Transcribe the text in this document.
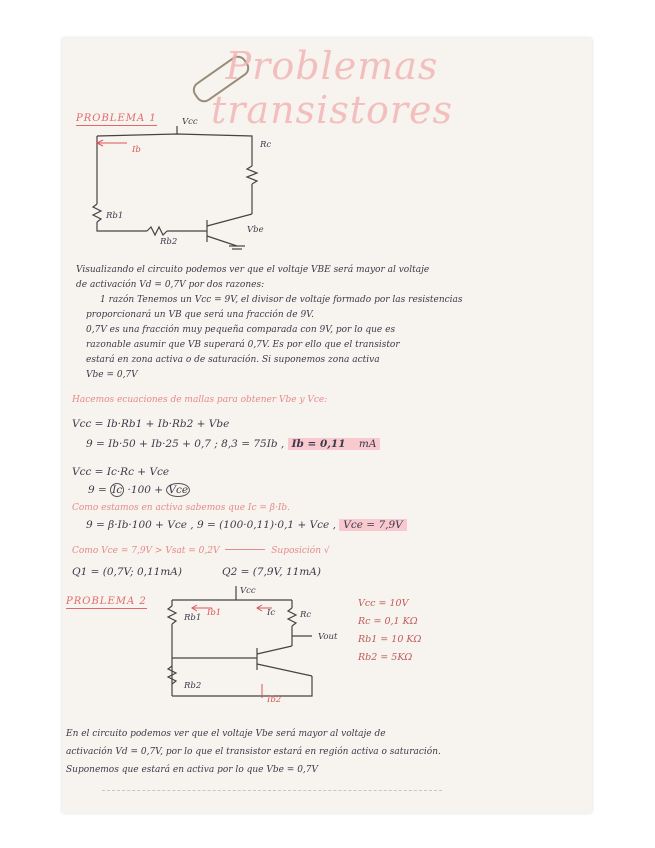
Problemas transistores
PROBLEMA 1	Vcc
Rc
Ib
Rb1
Rb2
Vbe
Visualizando el circuito podemos ver que el voltaje VBE será mayor al voltaje
de activación Vd = 0,7V por dos razones:
1 razón Tenemos un Vcc = 9V, el divisor de voltaje formado por las resistencias
proporcionará un VB que será una fracción de 9V.
0,7V es una fracción muy pequeña comparada con 9V, por lo que es
razonable asumir que VB superará 0,7V. Es por ello que el transistor
estará en zona activa o de saturación. Si suponemos zona activa
Vbe = 0,7V
Hacemos ecuaciones de mallas para obtener Vbe y Vce:
Vcc = Ib·Rb1 + Ib·Rb2 + Vbe
9 = Ib·50 + Ib·25 + 0,7 ; 8,3 = 75Ib , Ib = 0,11 mA
Vcc = Ic·Rc + Vce
9 = Ic ·100 + Vce
Como estamos en activa sabemos que Ic = β·Ib.
9 = β·Ib·100 + Vce , 9 = (100·0,11)·0,1 + Vce , Vce = 7,9V
Como Vce = 7,9V > Vsat = 0,2V	Suposición √
Q1 = (0,7V; 0,11mA)	Q2 = (7,9V, 11mA)
PROBLEMA 2
Vcc
Rb1 Ib1	Ic	Rc
Vout
Rb2
Ib2
Vcc = 10V
Rc = 0,1 KΩ
Rb1 = 10 KΩ
Rb2 = 5KΩ
En el circuito podemos ver que el voltaje Vbe será mayor al voltaje de
activación Vd = 0,7V, por lo que el transistor estará en región activa o saturación.
Suponemos que estará en activa por lo que Vbe = 0,7V
